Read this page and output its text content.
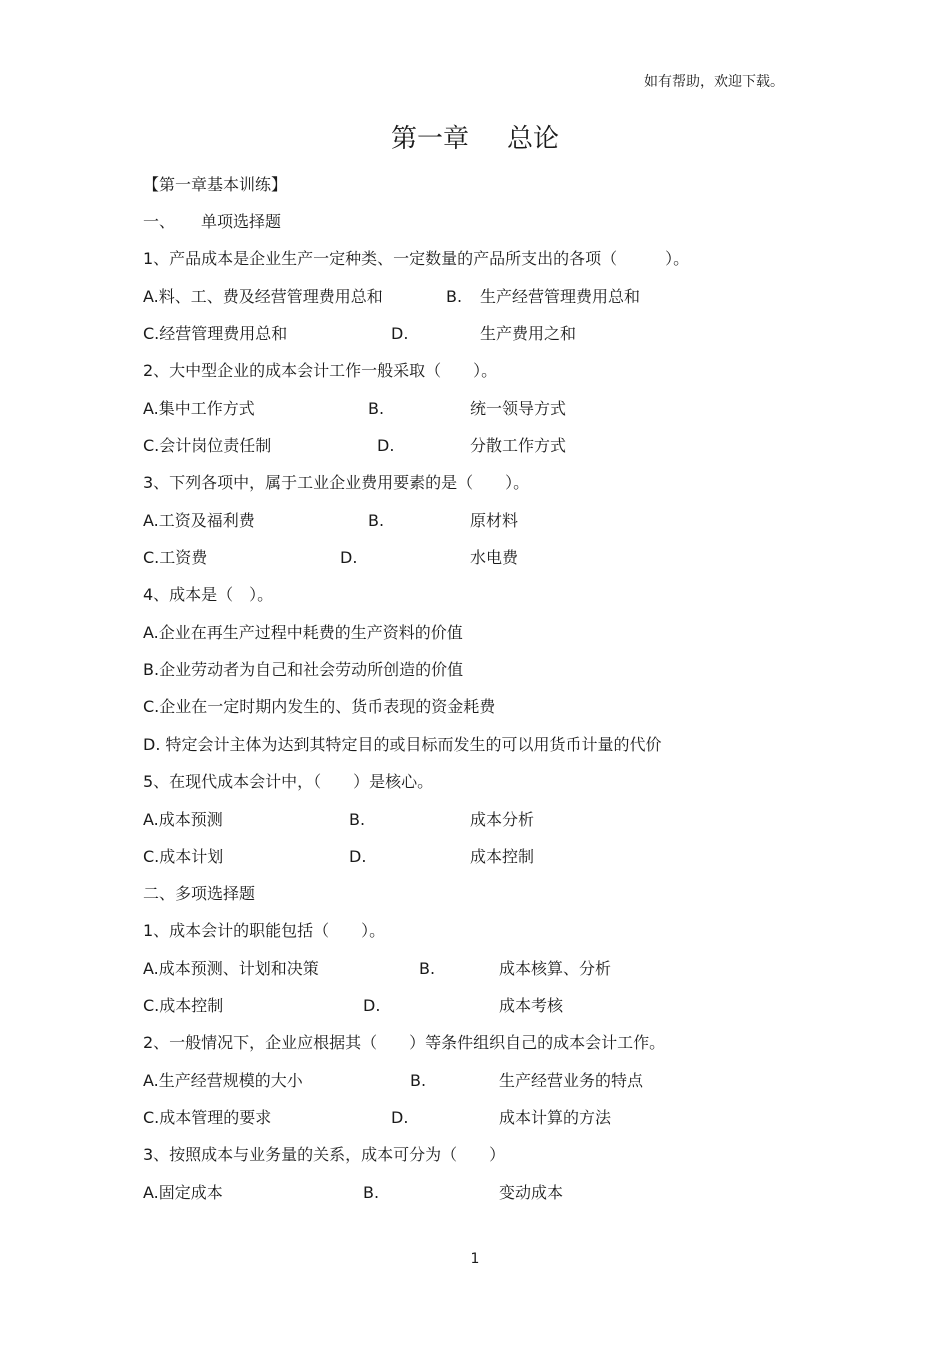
如有帮助，欢迎下载。
第一章 总论
【第一章基本训练】
一、 单项选择题
1、产品成本是企业生产一定种类、一定数量的产品所支出的各项（　　　）。
A.料、工、费及经营管理费用总和	B. 生产经营管理费用总和
C.经营管理费用总和	D.	生产费用之和
2、大中型企业的成本会计工作一般采取（　　）。
A.集中工作方式	B.	统一领导方式
C.会计岗位责任制	D.	分散工作方式
3、下列各项中，属于工业企业费用要素的是（　　）。
A.工资及福利费	B.	原材料
C.工资费	D.	水电费
4、成本是（　）。
A.企业在再生产过程中耗费的生产资料的价值
B.企业劳动者为自己和社会劳动所创造的价值
C.企业在一定时期内发生的、货币表现的资金耗费
D. 特定会计主体为达到其特定目的或目标而发生的可以用货币计量的代价
5、在现代成本会计中，（　　）是核心。
A.成本预测	B.	成本分析
C.成本计划	D.	成本控制
二、多项选择题
1、成本会计的职能包括（　　）。
A.成本预测、计划和决策	B.	成本核算、分析
C.成本控制	D.	成本考核
2、一般情况下，企业应根据其（　　）等条件组织自己的成本会计工作。
A.生产经营规模的大小	B.	生产经营业务的特点
C.成本管理的要求	D.	成本计算的方法
3、按照成本与业务量的关系，成本可分为（　　）
A.固定成本	B.	变动成本
1
